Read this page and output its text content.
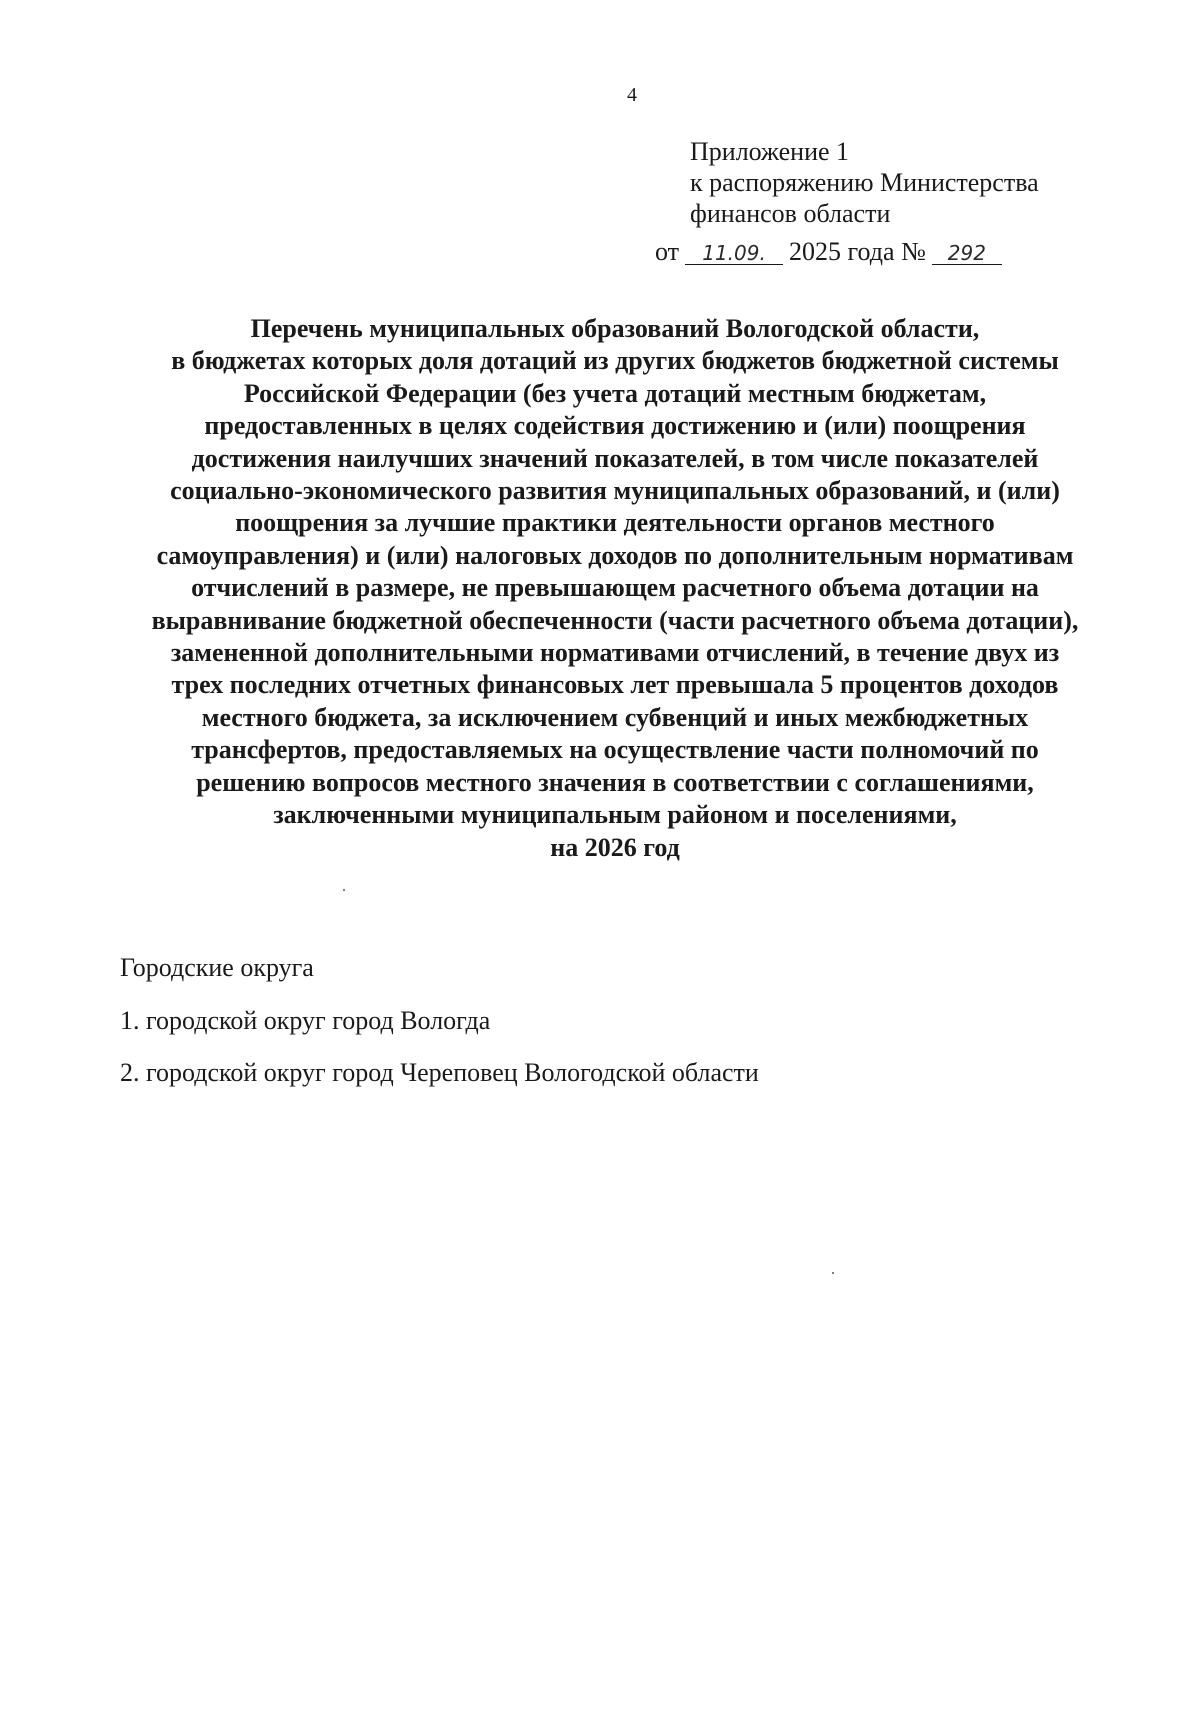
4
Приложение 1
к распоряжению Министерства
финансов области
от 11.09. 2025 года № 292
Перечень муниципальных образований Вологодской области,
в бюджетах которых доля дотаций из других бюджетов бюджетной системы
Российской Федерации (без учета дотаций местным бюджетам,
предоставленных в целях содействия достижению и (или) поощрения
достижения наилучших значений показателей, в том числе показателей
социально-экономического развития муниципальных образований, и (или)
поощрения за лучшие практики деятельности органов местного
самоуправления) и (или) налоговых доходов по дополнительным нормативам
отчислений в размере, не превышающем расчетного объема дотации на
выравнивание бюджетной обеспеченности (части расчетного объема дотации),
замененной дополнительными нормативами отчислений, в течение двух из
трех последних отчетных финансовых лет превышала 5 процентов доходов
местного бюджета, за исключением субвенций и иных межбюджетных
трансфертов, предоставляемых на осуществление части полномочий по
решению вопросов местного значения в соответствии с соглашениями,
заключенными муниципальным районом и поселениями,
на 2026 год
Городские округа
1. городской округ город Вологда
2. городской округ город Череповец Вологодской области
